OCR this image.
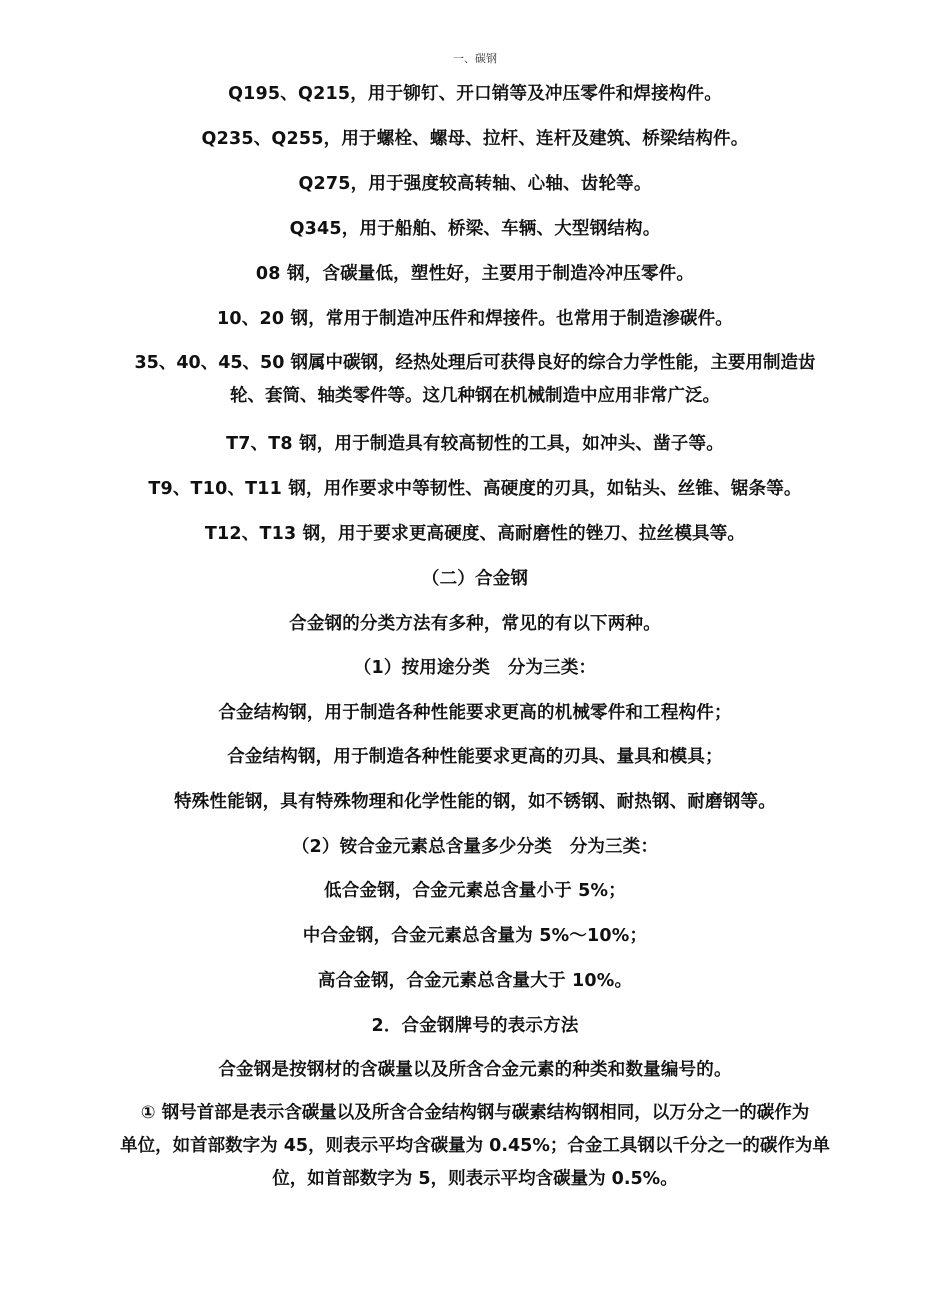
一、碳钢
Q195、Q215，用于铆钉、开口销等及冲压零件和焊接构件。
Q235、Q255，用于螺栓、螺母、拉杆、连杆及建筑、桥梁结构件。
Q275，用于强度较高转轴、心轴、齿轮等。
Q345，用于船舶、桥梁、车辆、大型钢结构。
08 钢，含碳量低，塑性好，主要用于制造冷冲压零件。
10、20 钢，常用于制造冲压件和焊接件。也常用于制造渗碳件。
35、40、45、50 钢属中碳钢，经热处理后可获得良好的综合力学性能，主要用制造齿
轮、套筒、轴类零件等。这几种钢在机械制造中应用非常广泛。
T7、T8 钢，用于制造具有较高韧性的工具，如冲头、凿子等。
T9、T10、T11 钢，用作要求中等韧性、高硬度的刃具，如钻头、丝锥、锯条等。
T12、T13 钢，用于要求更高硬度、高耐磨性的锉刀、拉丝模具等。
（二）合金钢
合金钢的分类方法有多种，常见的有以下两种。
（1）按用途分类　分为三类：
合金结构钢，用于制造各种性能要求更高的机械零件和工程构件；
合金结构钢，用于制造各种性能要求更高的刃具、量具和模具；
特殊性能钢，具有特殊物理和化学性能的钢，如不锈钢、耐热钢、耐磨钢等。
（2）铵合金元素总含量多少分类　分为三类：
低合金钢，合金元素总含量小于 5%；
中合金钢，合金元素总含量为 5%～10%；
高合金钢，合金元素总含量大于 10%。
2．合金钢牌号的表示方法
合金钢是按钢材的含碳量以及所含合金元素的种类和数量编号的。
① 钢号首部是表示含碳量以及所含合金结构钢与碳素结构钢相同，以万分之一的碳作为
单位，如首部数字为 45，则表示平均含碳量为 0.45%；合金工具钢以千分之一的碳作为单
位，如首部数字为 5，则表示平均含碳量为 0.5%。
